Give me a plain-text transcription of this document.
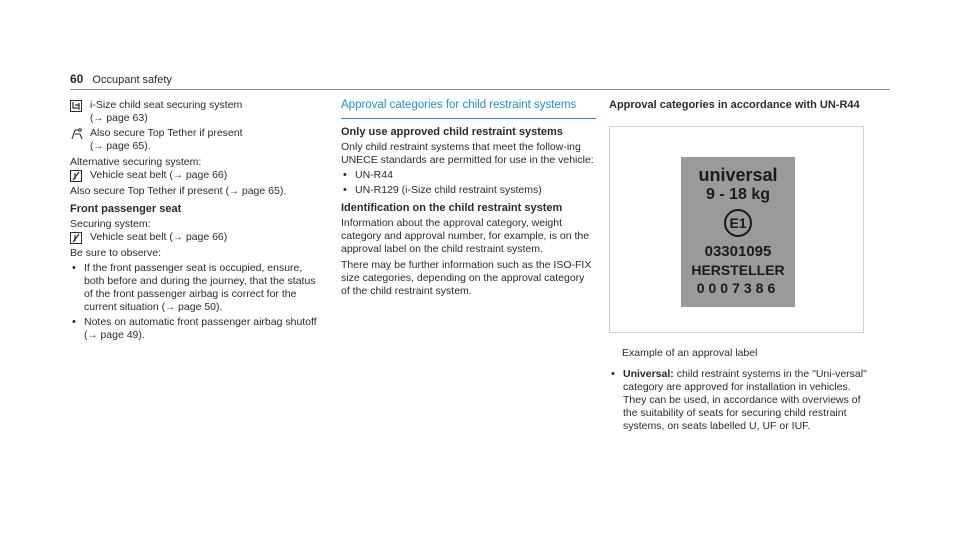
60 Occupant safety
i-Size child seat securing system
(→ page 63)
Also secure Top Tether if present
(→ page 65).

Alternative securing system:

Vehicle seat belt (→ page 66)

Also secure Top Tether if present (→ page 65).

Front passenger seat

Securing system:

Vehicle seat belt (→ page 66)

Be sure to observe:

• If the front passenger seat is occupied, ensure, both before and during the journey, that the status of the front passenger airbag is correct for the current situation (→ page 50).
• Notes on automatic front passenger airbag shutoff (→ page 49).
Approval categories for child restraint systems

Only use approved child restraint systems

Only child restraint systems that meet the follow-ing UNECE standards are permitted for use in the vehicle:

• UN-R44
• UN-R129 (i-Size child restraint systems)

Identification on the child restraint system

Information about the approval category, weight category and approval number, for example, is on the approval label on the child restraint system.

There may be further information such as the ISO-FIX size categories, depending on the approval category of the child restraint system.

Approval categories in accordance with UN-R44
universal
9 - 18 kg
E1
03301095
HERSTELLER
0007386

Example of an approval label

• Universal: child restraint systems in the "Uni-versal" category are approved for installation in vehicles. They can be used, in accordance with overviews of the suitability of seats for securing child restraint systems, on seats labelled U, UF or IUF.
